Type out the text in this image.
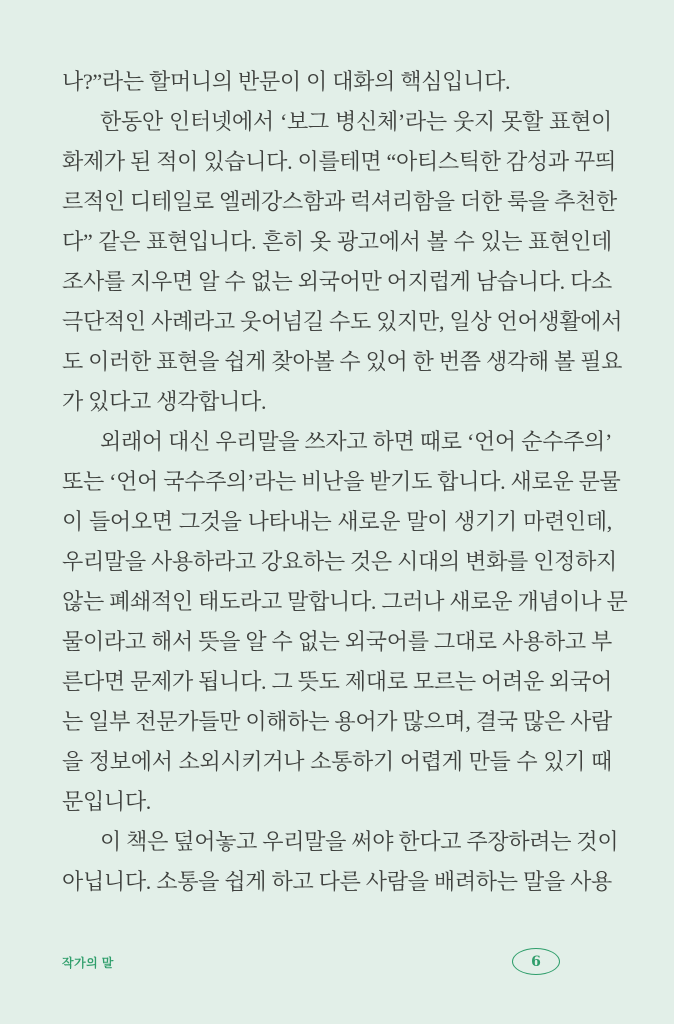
나?”라는 할머니의 반문이 이 대화의 핵심입니다.

한동안 인터넷에서 ‘보그 병신체’라는 웃지 못할 표현이
화제가 된 적이 있습니다. 이를테면 “아티스틱한 감성과 꾸띄
르적인 디테일로 엘레강스함과 럭셔리함을 더한 룩을 추천한
다” 같은 표현입니다. 흔히 옷 광고에서 볼 수 있는 표현인데
조사를 지우면 알 수 없는 외국어만 어지럽게 남습니다. 다소
극단적인 사례라고 웃어넘길 수도 있지만, 일상 언어생활에서
도 이러한 표현을 쉽게 찾아볼 수 있어 한 번쯤 생각해 볼 필요
가 있다고 생각합니다.

외래어 대신 우리말을 쓰자고 하면 때로 ‘언어 순수주의’
또는 ‘언어 국수주의’라는 비난을 받기도 합니다. 새로운 문물
이 들어오면 그것을 나타내는 새로운 말이 생기기 마련인데,
우리말을 사용하라고 강요하는 것은 시대의 변화를 인정하지
않는 폐쇄적인 태도라고 말합니다. 그러나 새로운 개념이나 문
물이라고 해서 뜻을 알 수 없는 외국어를 그대로 사용하고 부
른다면 문제가 됩니다. 그 뜻도 제대로 모르는 어려운 외국어
는 일부 전문가들만 이해하는 용어가 많으며, 결국 많은 사람
을 정보에서 소외시키거나 소통하기 어렵게 만들 수 있기 때
문입니다.

이 책은 덮어놓고 우리말을 써야 한다고 주장하려는 것이
아닙니다. 소통을 쉽게 하고 다른 사람을 배려하는 말을 사용

작가의 말	6
